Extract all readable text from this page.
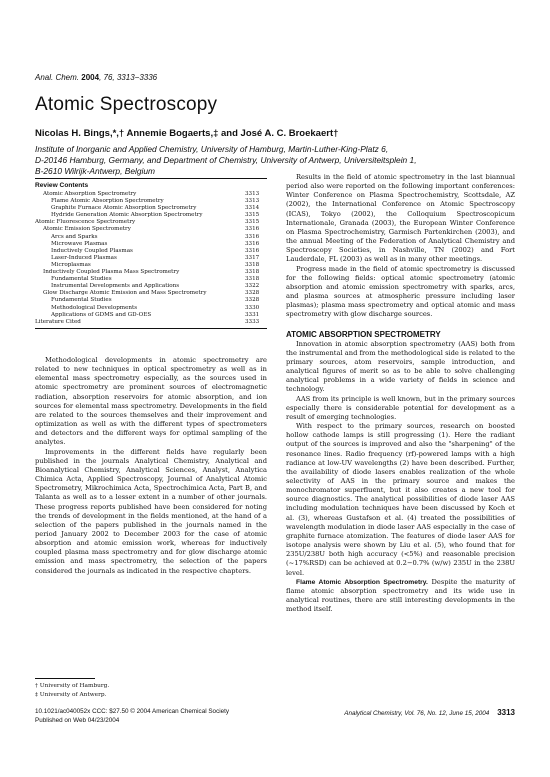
Anal. Chem. 2004, 76, 3313−3336
Atomic Spectroscopy
Nicolas H. Bings,*,† Annemie Bogaerts,‡ and José A. C. Broekaert†
Institute of Inorganic and Applied Chemistry, University of Hamburg, Martin-Luther-King-Platz 6,
D-20146 Hamburg, Germany, and Department of Chemistry, University of Antwerp, Universiteitsplein 1,
B-2610 Wilrijk-Antwerp, Belgium
Review Contents
Atomic Absorption Spectrometry	3313
Flame Atomic Absorption Spectrometry	3313
Graphite Furnace Atomic Absorption Spectrometry	3314
Hydride Generation Atomic Absorption Spectrometry	3315
Atomic Fluorescence Spectrometry	3315
Atomic Emission Spectrometry	3316
Arcs and Sparks	3316
Microwave Plasmas	3316
Inductively Coupled Plasmas	3316
Laser-Induced Plasmas	3317
Microplasmas	3318
Inductively Coupled Plasma Mass Spectrometry	3318
Fundamental Studies	3318
Instrumental Developments and Applications	3322
Glow Discharge Atomic Emission and Mass Spectrometry	3328
Fundamental Studies	3328
Methodological Developments	3330
Applications of GDMS and GD-OES	3331
Literature Cited	3333

Methodological developments in atomic spectrometry are related to new techniques in optical spectrometry as well as in elemental mass spectrometry especially, as the sources used in atomic spectrometry are prominent sources of electromagnetic radiation, absorption reservoirs for atomic absorption, and ion sources for elemental mass spectrometry. Developments in the field are related to the sources themselves and their improvement and optimization as well as with the different types of spectrometers and detectors and the different ways for optimal sampling of the analytes.

Improvements in the different fields have regularly been published in the journals Analytical Chemistry, Analytical and Bioanalytical Chemistry, Analytical Sciences, Analyst, Analytica Chimica Acta, Applied Spectroscopy, Journal of Analytical Atomic Spectrometry, Mikrochimica Acta, Spectrochimica Acta, Part B, and Talanta as well as to a lesser extent in a number of other journals. These progress reports published have been considered for noting the trends of development in the fields mentioned, at the hand of a selection of the papers published in the journals named in the period January 2002 to December 2003 for the case of atomic absorption and atomic emission work, whereas for inductively coupled plasma mass spectrometry and for glow discharge atomic emission and mass spectrometry, the selection of the papers considered the journals as indicated in the respective chapters.

Results in the field of atomic spectrometry in the last biannual period also were reported on the following important conferences: Winter Conference on Plasma Spectrochemistry, Scottsdale, AZ (2002), the International Conference on Atomic Spectroscopy (ICAS), Tokyo (2002), the Colloquium Spectroscopicum Internationale, Granada (2003), the European Winter Conference on Plasma Spectrochemistry, Garmisch Partenkirchen (2003), and the annual Meeting of the Federation of Analytical Chemistry and Spectroscopy Societies, in Nashville, TN (2002) and Fort Lauderdale, FL (2003) as well as in many other meetings.

Progress made in the field of atomic spectrometry is discussed for the following fields: optical atomic spectrometry (atomic absorption and atomic emission spectrometry with sparks, arcs, and plasma sources at atmospheric pressure including laser plasmas); plasma mass spectrometry and optical atomic and mass spectrometry with glow discharge sources.

ATOMIC ABSORPTION SPECTROMETRY

Innovation in atomic absorption spectrometry (AAS) both from the instrumental and from the methodological side is related to the primary sources, atom reservoirs, sample introduction, and analytical figures of merit so as to be able to solve challenging analytical problems in a wide variety of fields in science and technology.

AAS from its principle is well known, but in the primary sources especially there is considerable potential for development as a result of emerging technologies.

With respect to the primary sources, research on boosted hollow cathode lamps is still progressing (1). Here the radiant output of the sources is improved and also the "sharpening" of the resonance lines. Radio frequency (rf)-powered lamps with a high radiance at low-UV wavelengths (2) have been described. Further, the availability of diode lasers enables realization of the whole selectivity of AAS in the primary source and makes the monochromator superfluent, but it also creates a new tool for source diagnostics. The analytical possibilities of diode laser AAS including modulation techniques have been discussed by Koch et al. (3), whereas Gustafson et al. (4) treated the possibilities of wavelength modulation in diode laser AAS especially in the case of graphite furnace atomization. The features of diode laser AAS for isotope analysis were shown by Liu et al. (5), who found that for 235U/238U both high accuracy (<5%) and reasonable precision (~17%RSD) can be achieved at 0.2−0.7% (w/w) 235U in the 238U level.

Flame Atomic Absorption Spectrometry. Despite the maturity of flame atomic absorption spectrometry and its wide use in analytical routines, there are still interesting developments in the method itself.

† University of Hamburg.
‡ University of Antwerp.
10.1021/ac040052x CCC: $27.50 © 2004 American Chemical Society	Analytical Chemistry, Vol. 76, No. 12, June 15, 2004 3313
Published on Web 04/23/2004
